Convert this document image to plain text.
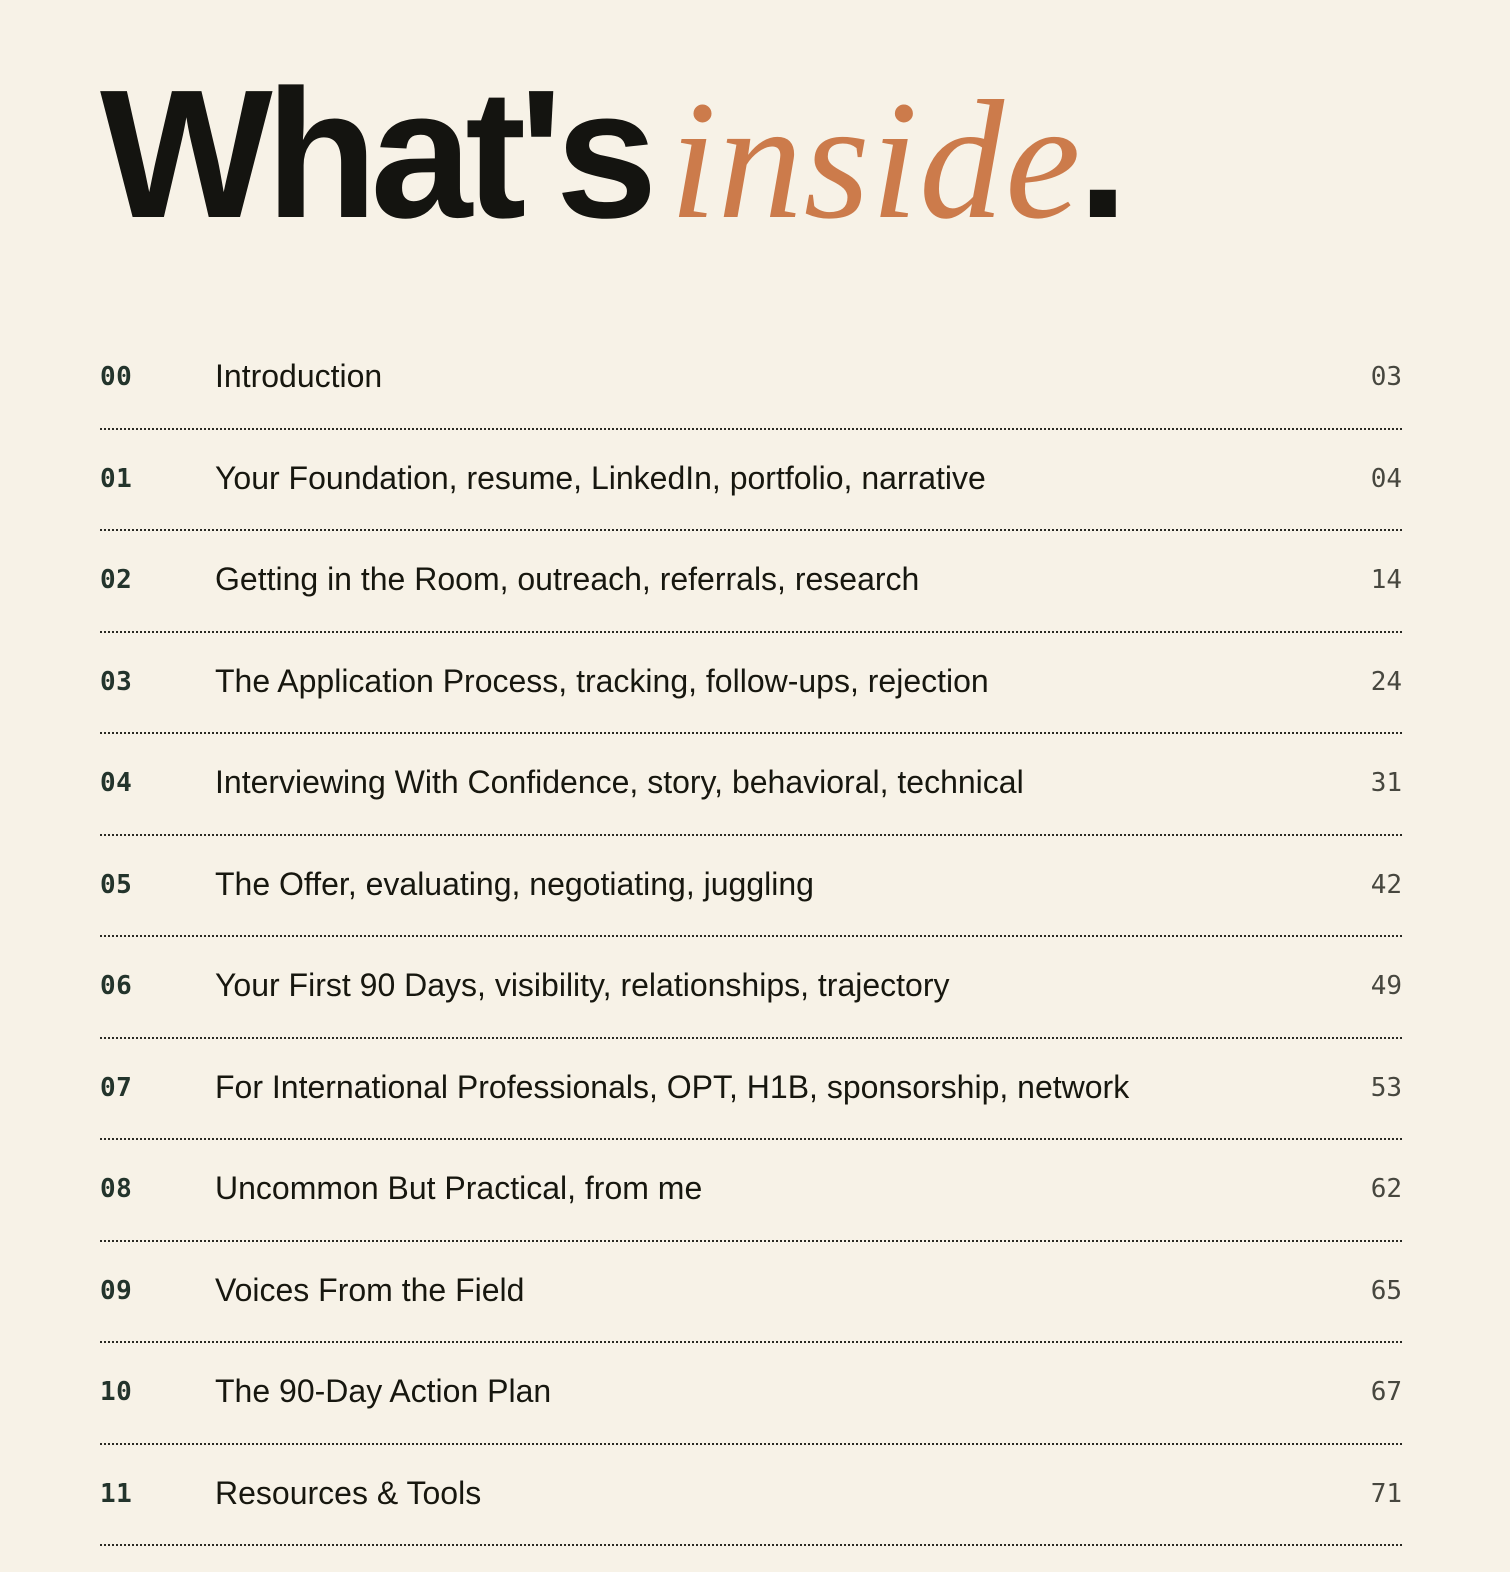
What's inside.
00	Introduction	03
01	Your Foundation, resume, LinkedIn, portfolio, narrative	04
02	Getting in the Room, outreach, referrals, research	14
03	The Application Process, tracking, follow-ups, rejection	24
04	Interviewing With Confidence, story, behavioral, technical	31
05	The Offer, evaluating, negotiating, juggling	42
06	Your First 90 Days, visibility, relationships, trajectory	49
07	For International Professionals, OPT, H1B, sponsorship, network	53
08	Uncommon But Practical, from me	62
09	Voices From the Field	65
10	The 90-Day Action Plan	67
11	Resources & Tools	71
